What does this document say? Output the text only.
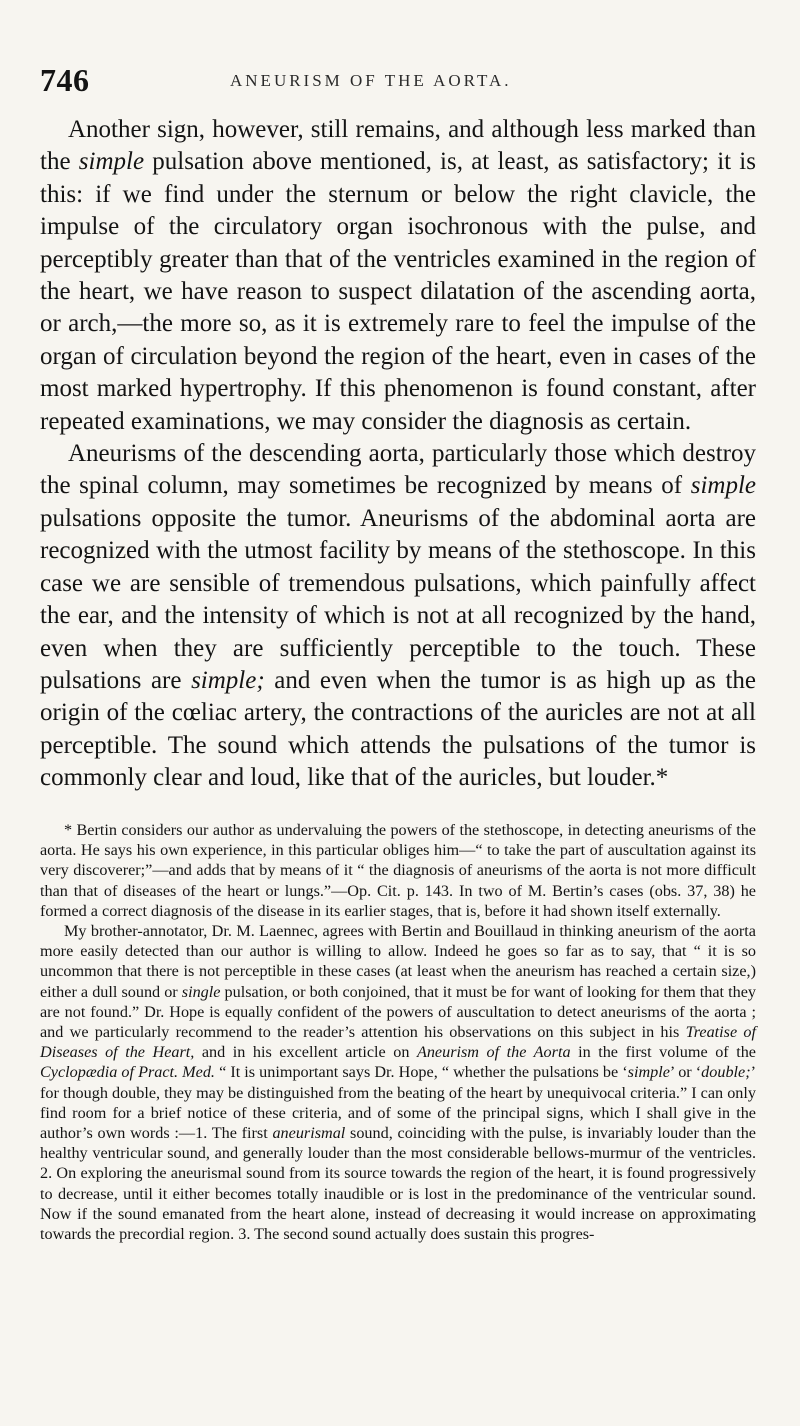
746	ANEURISM OF THE AORTA.

Another sign, however, still remains, and although less marked than the simple pulsation above mentioned, is, at least, as satisfactory; it is this: if we find under the sternum or below the right clavicle, the impulse of the circulatory organ isochronous with the pulse, and perceptibly greater than that of the ventricles examined in the region of the heart, we have reason to suspect dilatation of the ascending aorta, or arch,—the more so, as it is extremely rare to feel the impulse of the organ of circulation beyond the region of the heart, even in cases of the most marked hypertrophy. If this phenomenon is found constant, after repeated examinations, we may consider the diagnosis as certain.

Aneurisms of the descending aorta, particularly those which destroy the spinal column, may sometimes be recognized by means of simple pulsations opposite the tumor. Aneurisms of the abdominal aorta are recognized with the utmost facility by means of the stethoscope. In this case we are sensible of tremendous pulsations, which painfully affect the ear, and the intensity of which is not at all recognized by the hand, even when they are sufficiently perceptible to the touch. These pulsations are simple; and even when the tumor is as high up as the origin of the cœliac artery, the contractions of the auricles are not at all perceptible. The sound which attends the pulsations of the tumor is commonly clear and loud, like that of the auricles, but louder.*

* Bertin considers our author as undervaluing the powers of the stethoscope, in detecting aneurisms of the aorta. He says his own experience, in this particular obliges him—“ to take the part of auscultation against its very discoverer;”—and adds that by means of it “ the diagnosis of aneurisms of the aorta is not more difficult than that of diseases of the heart or lungs.”—Op. Cit. p. 143. In two of M. Bertin’s cases (obs. 37, 38) he formed a correct diagnosis of the disease in its earlier stages, that is, before it had shown itself externally.

My brother-annotator, Dr. M. Laennec, agrees with Bertin and Bouillaud in thinking aneurism of the aorta more easily detected than our author is willing to allow. Indeed he goes so far as to say, that “ it is so uncommon that there is not perceptible in these cases (at least when the aneurism has reached a certain size,) either a dull sound or single pulsation, or both conjoined, that it must be for want of looking for them that they are not found.” Dr. Hope is equally confident of the powers of auscultation to detect aneurisms of the aorta ; and we particularly recommend to the reader’s attention his observations on this subject in his Treatise of Diseases of the Heart, and in his excellent article on Aneurism of the Aorta in the first volume of the Cyclopædia of Pract. Med. “ It is unimportant says Dr. Hope, “ whether the pulsations be ‘simple’ or ‘double;’ for though double, they may be distinguished from the beating of the heart by unequivocal criteria.” I can only find room for a brief notice of these criteria, and of some of the principal signs, which I shall give in the author’s own words :—1. The first aneurismal sound, coinciding with the pulse, is invariably louder than the healthy ventricular sound, and generally louder than the most considerable bellows-murmur of the ventricles. 2. On exploring the aneurismal sound from its source towards the region of the heart, it is found progressively to decrease, until it either becomes totally inaudible or is lost in the predominance of the ventricular sound. Now if the sound emanated from the heart alone, instead of decreasing it would increase on approximating towards the precordial region. 3. The second sound actually does sustain this progres-
